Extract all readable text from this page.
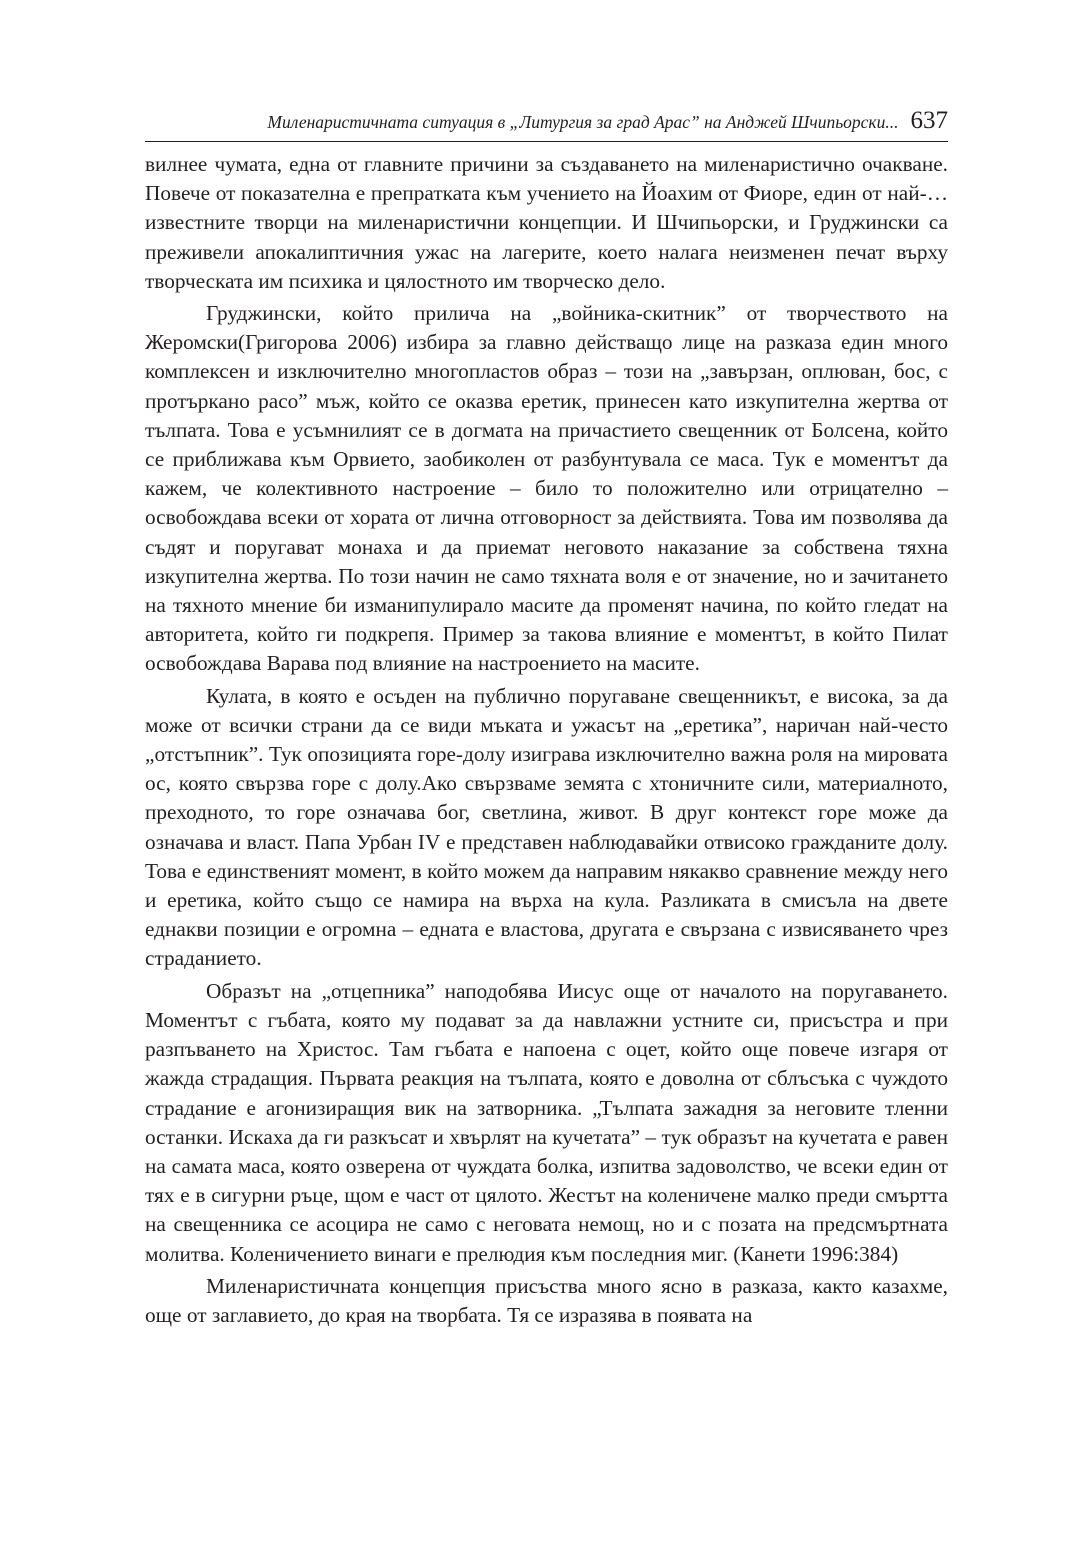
Миленаристичната ситуация в „Литургия за град Арас” на Анджей Шчипьорски... 637

вилнее чумата, една от главните причини за създаването на миленаристично очакване. Повече от показателна е препратката към учението на Йоахим от Фиоре, един от най-…известните творци на миленаристични концепции. И Шчипьорски, и Груджински са преживели апокалиптичния ужас на лагерите, което налага неизменен печат върху творческата им психика и цялостното им творческо дело.

Груджински, който прилича на „войника-скитник” от творчеството на Жеромски(Григорова 2006) избира за главно действащо лице на разказа един много комплексен и изключително многопластов образ – този на „завързан, оплюван, бос, с протъркано расо” мъж, който се оказва еретик, принесен като изкупителна жертва от тълпата. Това е усъмнилият се в догмата на причастието свещенник от Болсена, който се приближава към Орвието, заобиколен от разбунтувала се маса. Тук е моментът да кажем, че колективното настроение – било то положително или отрицателно – освобождава всеки от хората от лична отговорност за действията. Това им позволява да съдят и поругават монаха и да приемат неговото наказание за собствена тяхна изкупителна жертва. По този начин не само тяхната воля е от значение, но и зачитането на тяхното мнение би изманипулирало масите да променят начина, по който гледат на авторитета, който ги подкрепя. Пример за такова влияние е моментът, в който Пилат освобождава Варава под влияние на настроението на масите.

Кулата, в която е осъден на публично поругаване свещенникът, е висока, за да може от всички страни да се види мъката и ужасът на „еретика”, наричан най-често „отстъпник”. Тук опозицията горе-долу изиграва изключително важна роля на мировата ос, която свързва горе с долу.Ако свързваме земята с хтоничните сили, материалното, преходното, то горе означава бог, светлина, живот. В друг контекст горе може да означава и власт. Папа Урбан IV е представен наблюдавайки отвисоко гражданите долу. Това е единственият момент, в който можем да направим някакво сравнение между него и еретика, който също се намира на върха на кула. Разликата в смисъла на двете еднакви позиции е огромна – едната е властова, другата е свързана с извисяването чрез страданието.

Образът на „отцепника” наподобява Иисус още от началото на поругаването. Моментът с гъбата, която му подават за да навлажни устните си, присъстра и при разпъването на Христос. Там гъбата е напоена с оцет, който още повече изгаря от жажда страдащия. Първата реакция на тълпата, която е доволна от сблъсъка с чуждото страдание е агонизиращия вик на затворника. „Тълпата зажадня за неговите тленни останки. Искаха да ги разкъсат и хвърлят на кучетата” – тук образът на кучетата е равен на самата маса, която озверена от чуждата болка, изпитва задоволство, че всеки един от тях е в сигурни ръце, щом е част от цялото. Жестът на коленичене малко преди смъртта на свещенника се асоцира не само с неговата немощ, но и с позата на предсмъртната молитва. Коленичението винаги е прелюдия към последния миг. (Канети 1996:384)

Миленаристичната концепция присъства много ясно в разказа, както казахме, още от заглавието, до края на творбата. Тя се изразява в появата на
